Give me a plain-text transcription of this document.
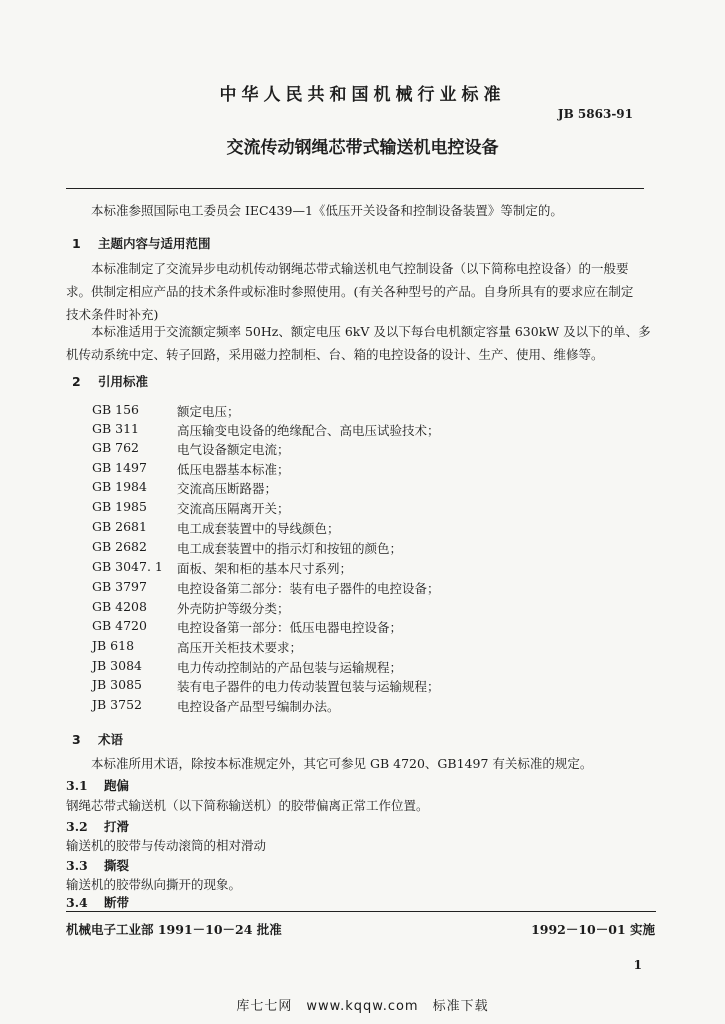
中华人民共和国机械行业标准
JB 5863-91
交流传动钢绳芯带式输送机电控设备

本标准参照国际电工委员会 IEC439—1《低压开关设备和控制设备装置》等制定的。

1 主题内容与适用范围
本标准制定了交流异步电动机传动钢绳芯带式输送机电气控制设备（以下简称电控设备）的一般要
求。供制定相应产品的技术条件或标准时参照使用。(有关各种型号的产品。自身所具有的要求应在制定
技术条件时补充)
本标准适用于交流额定频率 50Hz、额定电压 6kV 及以下每台电机额定容量 630kW 及以下的单、多
机传动系统中定、转子回路，采用磁力控制柜、台、箱的电控设备的设计、生产、使用、维修等。
2 引用标准
GB 156	额定电压；
GB 311	高压输变电设备的绝缘配合、高电压试验技术；
GB 762	电气设备额定电流；
GB 1497 低压电器基本标准；
GB 1984 交流高压断路器；
GB 1985 交流高压隔离开关；
GB 2681 电工成套装置中的导线颜色；
GB 2682 电工成套装置中的指示灯和按钮的颜色；
GB 3047. 1 面板、架和柜的基本尺寸系列；
GB 3797 电控设备第二部分：装有电子器件的电控设备；
GB 4208 外壳防护等级分类；
GB 4720 电控设备第一部分：低压电器电控设备；
JB 618	高压开关柜技术要求；
JB 3084	电力传动控制站的产品包装与运输规程；
JB 3085	装有电子器件的电力传动装置包装与运输规程；
JB 3752	电控设备产品型号编制办法。
3 术语

本标准所用术语，除按本标准规定外，其它可参见 GB 4720、GB1497 有关标准的规定。

3.1 跑偏
钢绳芯带式输送机（以下简称输送机）的胶带偏离正常工作位置。
3.2 打滑
输送机的胶带与传动滚筒的相对滑动
3.3 撕裂
输送机的胶带纵向撕开的现象。
3.4 断带
机械电子工业部 1991－10－24 批准	1992－10－01 实施
1
库七七网　www.kqqw.com　标准下载
